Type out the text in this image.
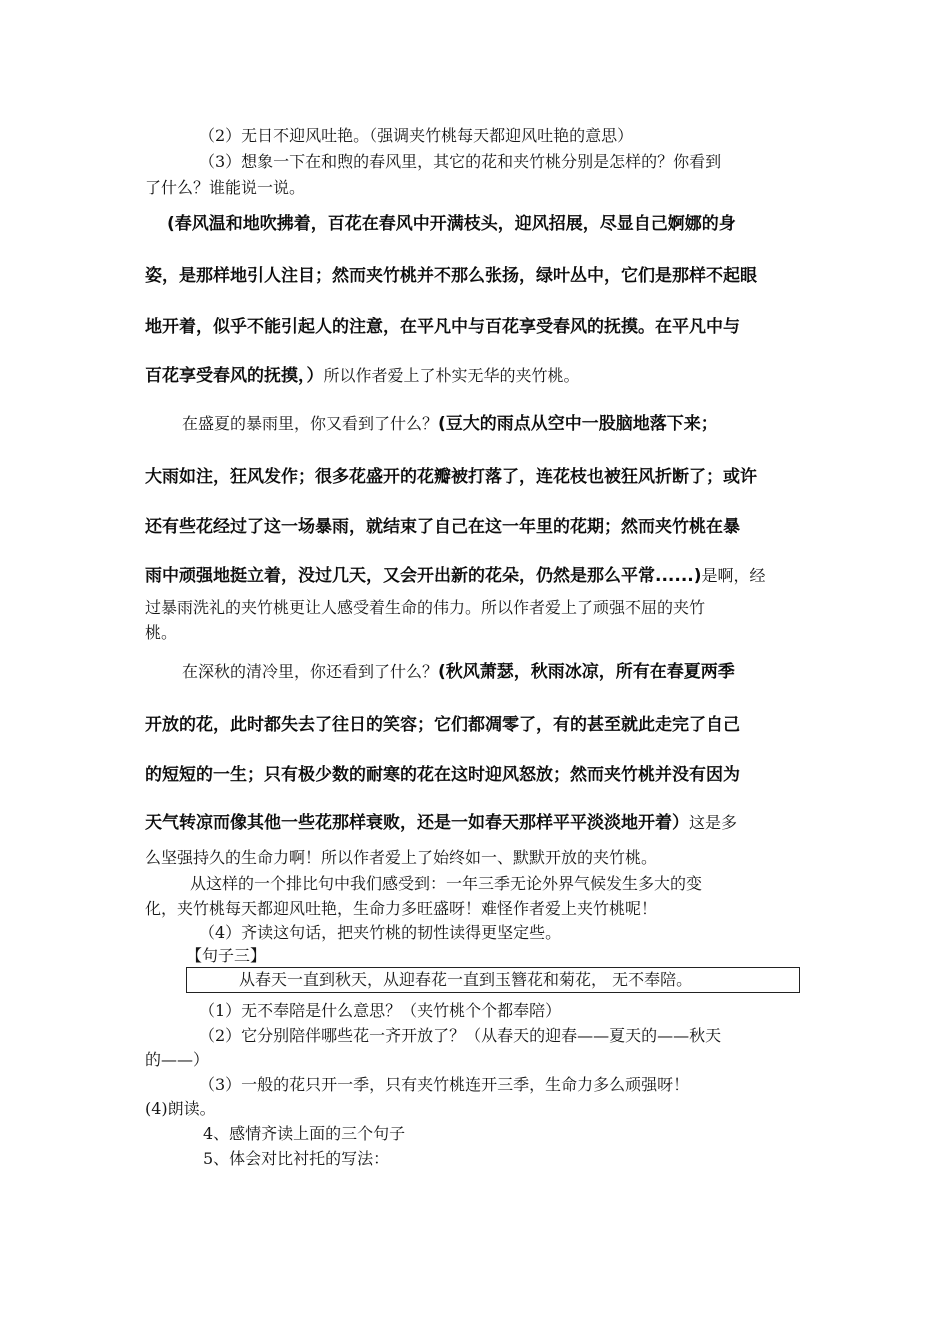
（2）无日不迎风吐艳。（强调夹竹桃每天都迎风吐艳的意思）
（3）想象一下在和煦的春风里，其它的花和夹竹桃分别是怎样的？你看到
了什么？谁能说一说。
(春风温和地吹拂着，百花在春风中开满枝头，迎风招展，尽显自己婀娜的身
姿，是那样地引人注目；然而夹竹桃并不那么张扬，绿叶丛中，它们是那样不起眼
地开着，似乎不能引起人的注意，在平凡中与百花享受春风的抚摸。在平凡中与
百花享受春风的抚摸，）所以作者爱上了朴实无华的夹竹桃。
在盛夏的暴雨里，你又看到了什么？(豆大的雨点从空中一股脑地落下来；
大雨如注，狂风发作；很多花盛开的花瓣被打落了，连花枝也被狂风折断了；或许
还有些花经过了这一场暴雨，就结束了自己在这一年里的花期；然而夹竹桃在暴
雨中顽强地挺立着，没过几天，又会开出新的花朵，仍然是那么平常......)是啊，经
过暴雨洗礼的夹竹桃更让人感受着生命的伟力。所以作者爱上了顽强不屈的夹竹
桃。
在深秋的清冷里，你还看到了什么？(秋风萧瑟，秋雨冰凉，所有在春夏两季
开放的花，此时都失去了往日的笑容；它们都凋零了，有的甚至就此走完了自己
的短短的一生；只有极少数的耐寒的花在这时迎风怒放；然而夹竹桃并没有因为
天气转凉而像其他一些花那样衰败，还是一如春天那样平平淡淡地开着）这是多
么坚强持久的生命力啊！所以作者爱上了始终如一、默默开放的夹竹桃。
从这样的一个排比句中我们感受到：一年三季无论外界气候发生多大的变
化，夹竹桃每天都迎风吐艳，生命力多旺盛呀！难怪作者爱上夹竹桃呢！
（4）齐读这句话，把夹竹桃的韧性读得更坚定些。
【句子三】
从春天一直到秋天，从迎春花一直到玉簪花和菊花， 无不奉陪。
（1）无不奉陪是什么意思？（夹竹桃个个都奉陪）
（2）它分别陪伴哪些花一齐开放了？（从春天的迎春——夏天的——秋天
的——）
（3）一般的花只开一季，只有夹竹桃连开三季，生命力多么顽强呀！
(4)朗读。
4、感情齐读上面的三个句子
5、体会对比衬托的写法：
